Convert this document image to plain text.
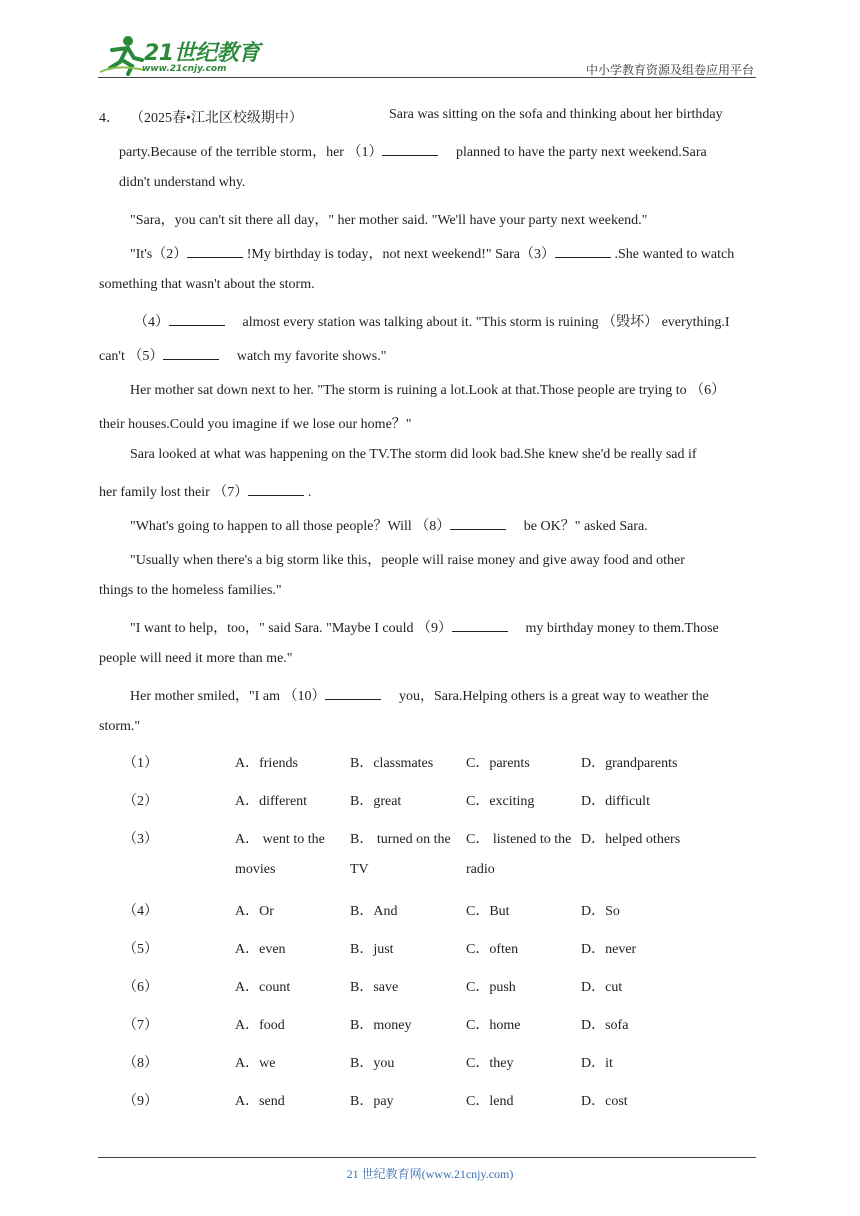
21世纪教育
www.21cnjy.com	中小学教育资源及组卷应用平台
4． （2025春•江北区校级期中）	Sara was sitting on the sofa and thinking about her birthday
party.Because of the terrible storm，her （1）　	planned to have the party next weekend.Sara
didn't understand why.
"Sara，you can't sit there all day，" her mother said. "We'll have your party next weekend."
"It's（2）	!My birthday is today，not next weekend!" Sara（3）	.She wanted to watch
something that wasn't about the storm.
（4）　	almost every station was talking about it. "This storm is ruining （毁坏） everything.I
can't （5）　	watch my favorite shows."
Her mother sat down next to her. "The storm is ruining a lot.Look at that.Those people are trying to （6）
their houses.Could you imagine if we lose our home？"
Sara looked at what was happening on the TV.The storm did look bad.She knew she'd be really sad if
her family lost their （7）	.
"What's going to happen to all those people？Will （8）　	be OK？" asked Sara.
"Usually when there's a big storm like this，people will raise money and give away food and other
things to the homeless families."
"I want to help，too，" said Sara. "Maybe I could （9）　	my birthday money to them.Those
people will need it more than me."
Her mother smiled，"I am （10）　	you，Sara.Helping others is a great way to weather the
storm."
（1）	A．friends	B．classmates C．parents	D．grandparents
（2）	A．different	B．great	C．exciting	D．difficult
（3）	A． went to the
movies
B． turned on the
TV
C． listened to the
radio
D．helped others
（4）	A．Or	B．And	C．But	D．So
（5）	A．even	B．just	C．often	D．never
（6）	A．count	B．save	C．push	D．cut
（7）	A．food	B．money	C．home	D．sofa
（8）	A．we	B．you	C．they	D．it
（9）	A．send	B．pay	C．lend	D．cost
21 世纪教育网(www.21cnjy.com)
